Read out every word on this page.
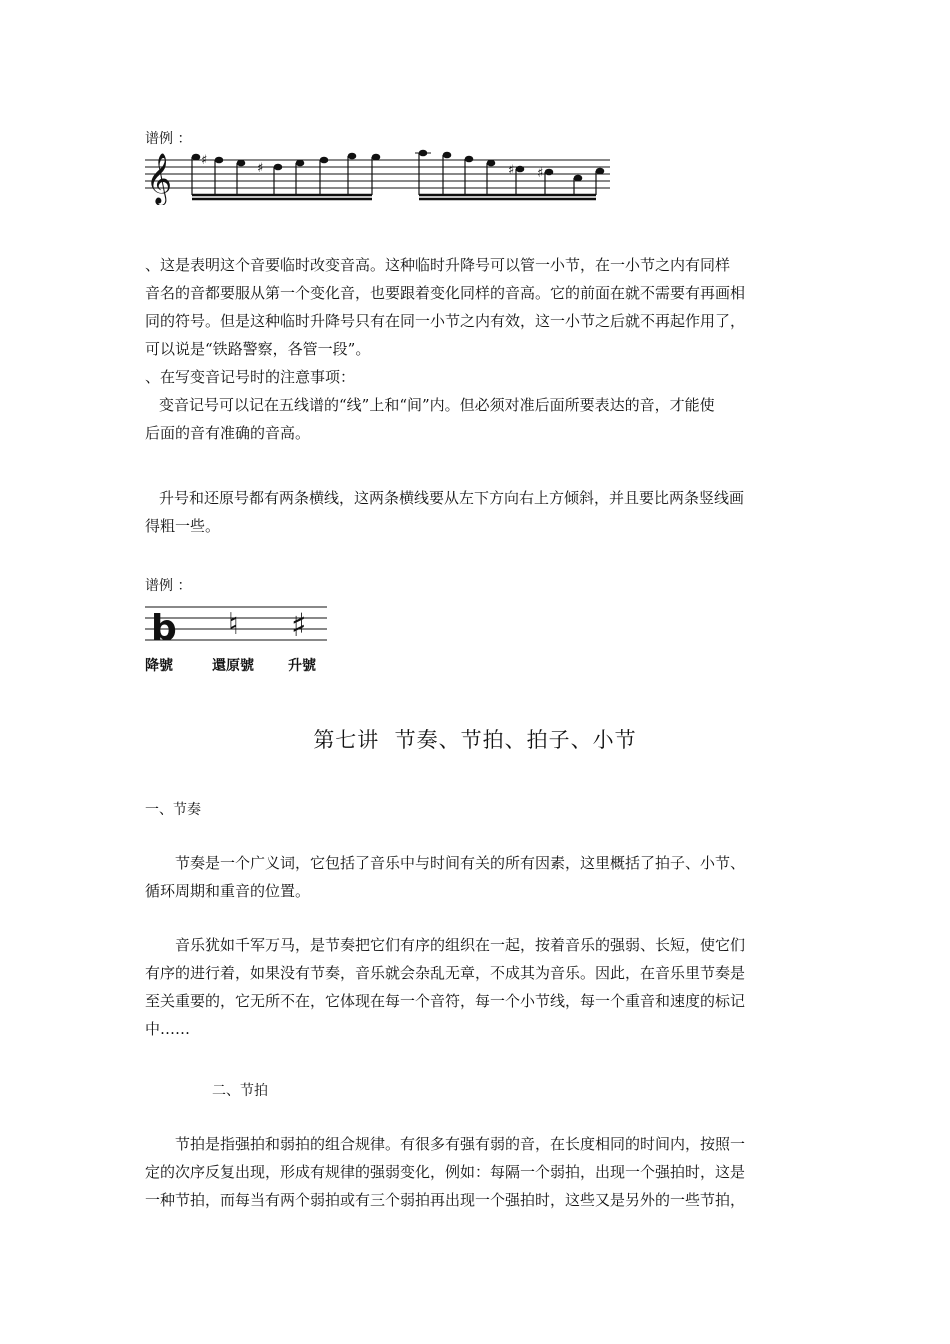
谱例 ：
𝄞 ♯
♯	♯ ♯
、这是表明这个音要临时改变音高。这种临时升降号可以管一小节，在一小节之内有同样
音名的音都要服从第一个变化音，也要跟着变化同样的音高。它的前面在就不需要有再画相
同的符号。但是这种临时升降号只有在同一小节之内有效，这一小节之后就不再起作用了，
可以说是“铁路警察，各管一段”。
、在写变音记号时的注意事项：
变音记号可以记在五线谱的“线”上和“间”内。但必须对准后面所要表达的音，才能使
后面的音有准确的音高。
升号和还原号都有两条横线，这两条横线要从左下方向右上方倾斜，并且要比两条竖线画
得粗一些。
谱例 ：
b ♮ ♯
降號	還原號 升號
第七讲  节奏、节拍、拍子、小节
一、节奏
节奏是一个广义词，它包括了音乐中与时间有关的所有因素，这里概括了拍子、小节、
循环周期和重音的位置。
音乐犹如千军万马，是节奏把它们有序的组织在一起，按着音乐的强弱、长短，使它们
有序的进行着，如果没有节奏，音乐就会杂乱无章，不成其为音乐。因此，在音乐里节奏是
至关重要的，它无所不在，它体现在每一个音符，每一个小节线，每一个重音和速度的标记
中……
二、节拍
节拍是指强拍和弱拍的组合规律。有很多有强有弱的音，在长度相同的时间内，按照一
定的次序反复出现，形成有规律的强弱变化，例如：每隔一个弱拍，出现一个强拍时，这是
一种节拍，而每当有两个弱拍或有三个弱拍再出现一个强拍时，这些又是另外的一些节拍，
